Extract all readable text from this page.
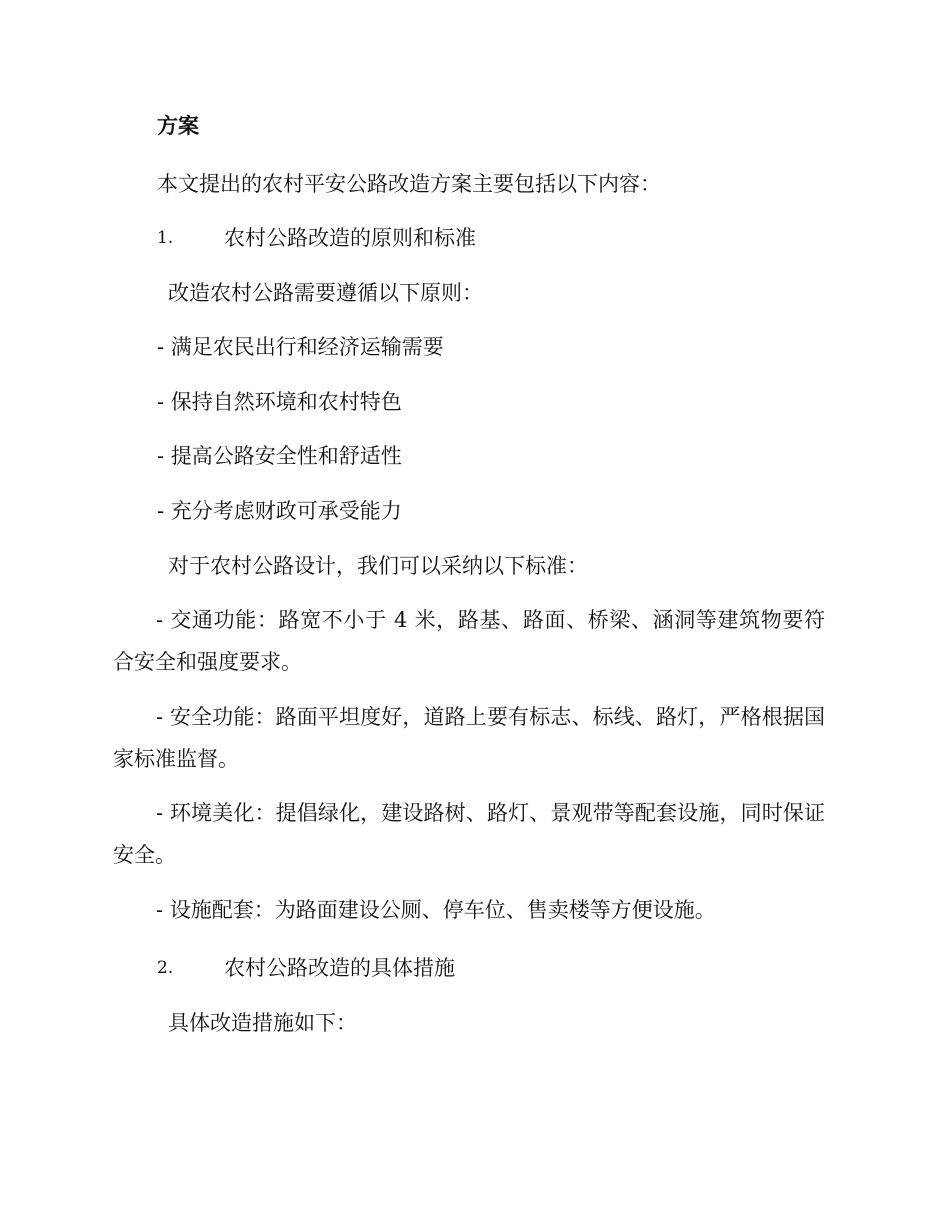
方案
本文提出的农村平安公路改造方案主要包括以下内容：
1. 农村公路改造的原则和标准
改造农村公路需要遵循以下原则：
- 满足农民出行和经济运输需要
- 保持自然环境和农村特色
- 提高公路安全性和舒适性
- 充分考虑财政可承受能力
对于农村公路设计，我们可以采纳以下标准：
- 交通功能：路宽不小于 4 米，路基、路面、桥梁、涵洞等建筑物要符合安全和强度要求。
- 安全功能：路面平坦度好，道路上要有标志、标线、路灯，严格根据国家标准监督。
- 环境美化：提倡绿化，建设路树、路灯、景观带等配套设施，同时保证安全。
- 设施配套：为路面建设公厕、停车位、售卖楼等方便设施。
2. 农村公路改造的具体措施
具体改造措施如下：
